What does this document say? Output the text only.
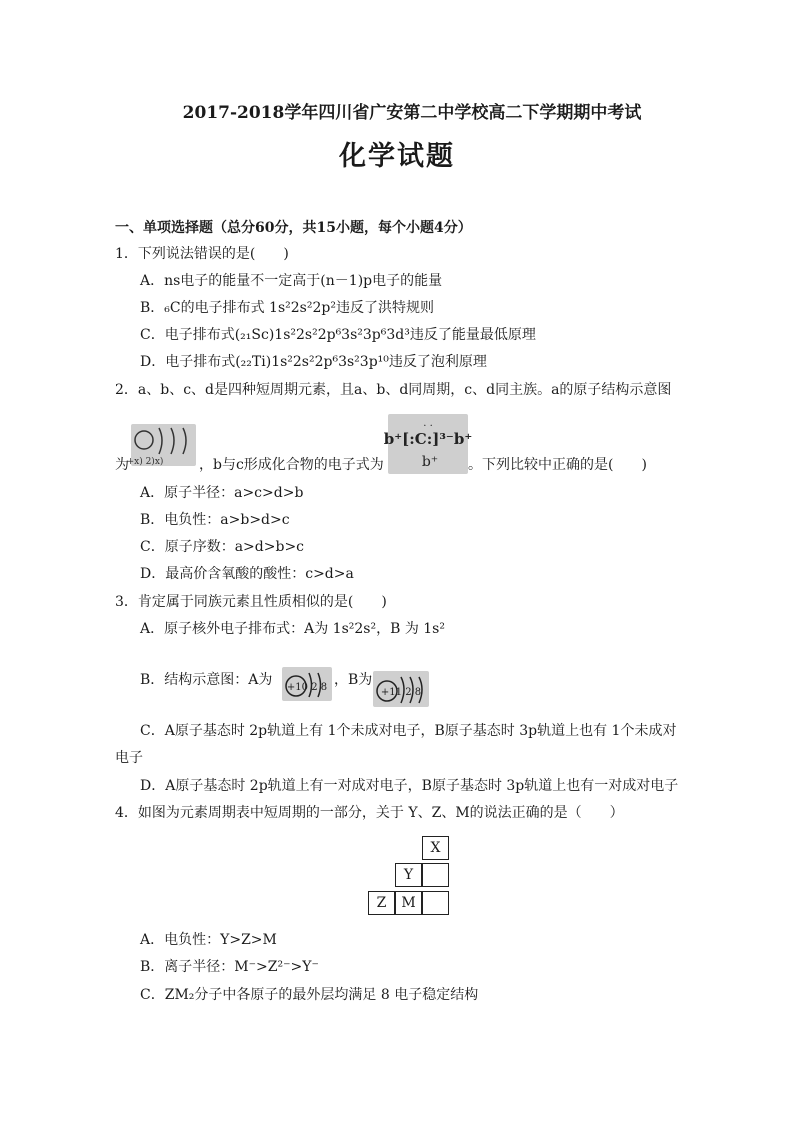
2017-2018学年四川省广安第二中学校高二下学期期中考试
化学试题
一、单项选择题（总分60分，共15小题，每个小题4分）
1．下列说法错误的是(　　)
A．ns电子的能量不一定高于(n－1)p电子的能量
B．₆C的电子排布式 1s²2s²2p²违反了洪特规则
C．电子排布式(₂₁Sc)1s²2s²2p⁶3s²3p⁶3d³违反了能量最低原理
D．电子排布式(₂₂Ti)1s²2s²2p⁶3s²3p¹⁰违反了泡利原理
2．a、b、c、d是四种短周期元素，且a、b、d同周期，c、d同主族。a的原子结构示意图
为
+x) 2)x)	，b与c形成化合物的电子式为
b⁺[:C:]³⁻b⁺
b⁺
. .
。下列比较中正确的是(　　)
A．原子半径：a>c>d>b
B．电负性：a>b>d>c
C．原子序数：a>d>b>c
D．最高价含氧酸的酸性：c>d>a
3．肯定属于同族元素且性质相似的是(　　)
A．原子核外电子排布式：A为 1s²2s²，B 为 1s²
B．结构示意图：A为 +10 2 8 ，B为
+11 2 8
C．A原子基态时 2p轨道上有 1个未成对电子，B原子基态时 3p轨道上也有 1个未成对
电子
D．A原子基态时 2p轨道上有一对成对电子，B原子基态时 3p轨道上也有一对成对电子
4．如图为元素周期表中短周期的一部分，关于 Y、Z、M的说法正确的是（　　）
X
Y
Z	M
A．电负性：Y>Z>M
B．离子半径：M⁻>Z²⁻>Y⁻
C．ZM₂分子中各原子的最外层均满足 8 电子稳定结构
